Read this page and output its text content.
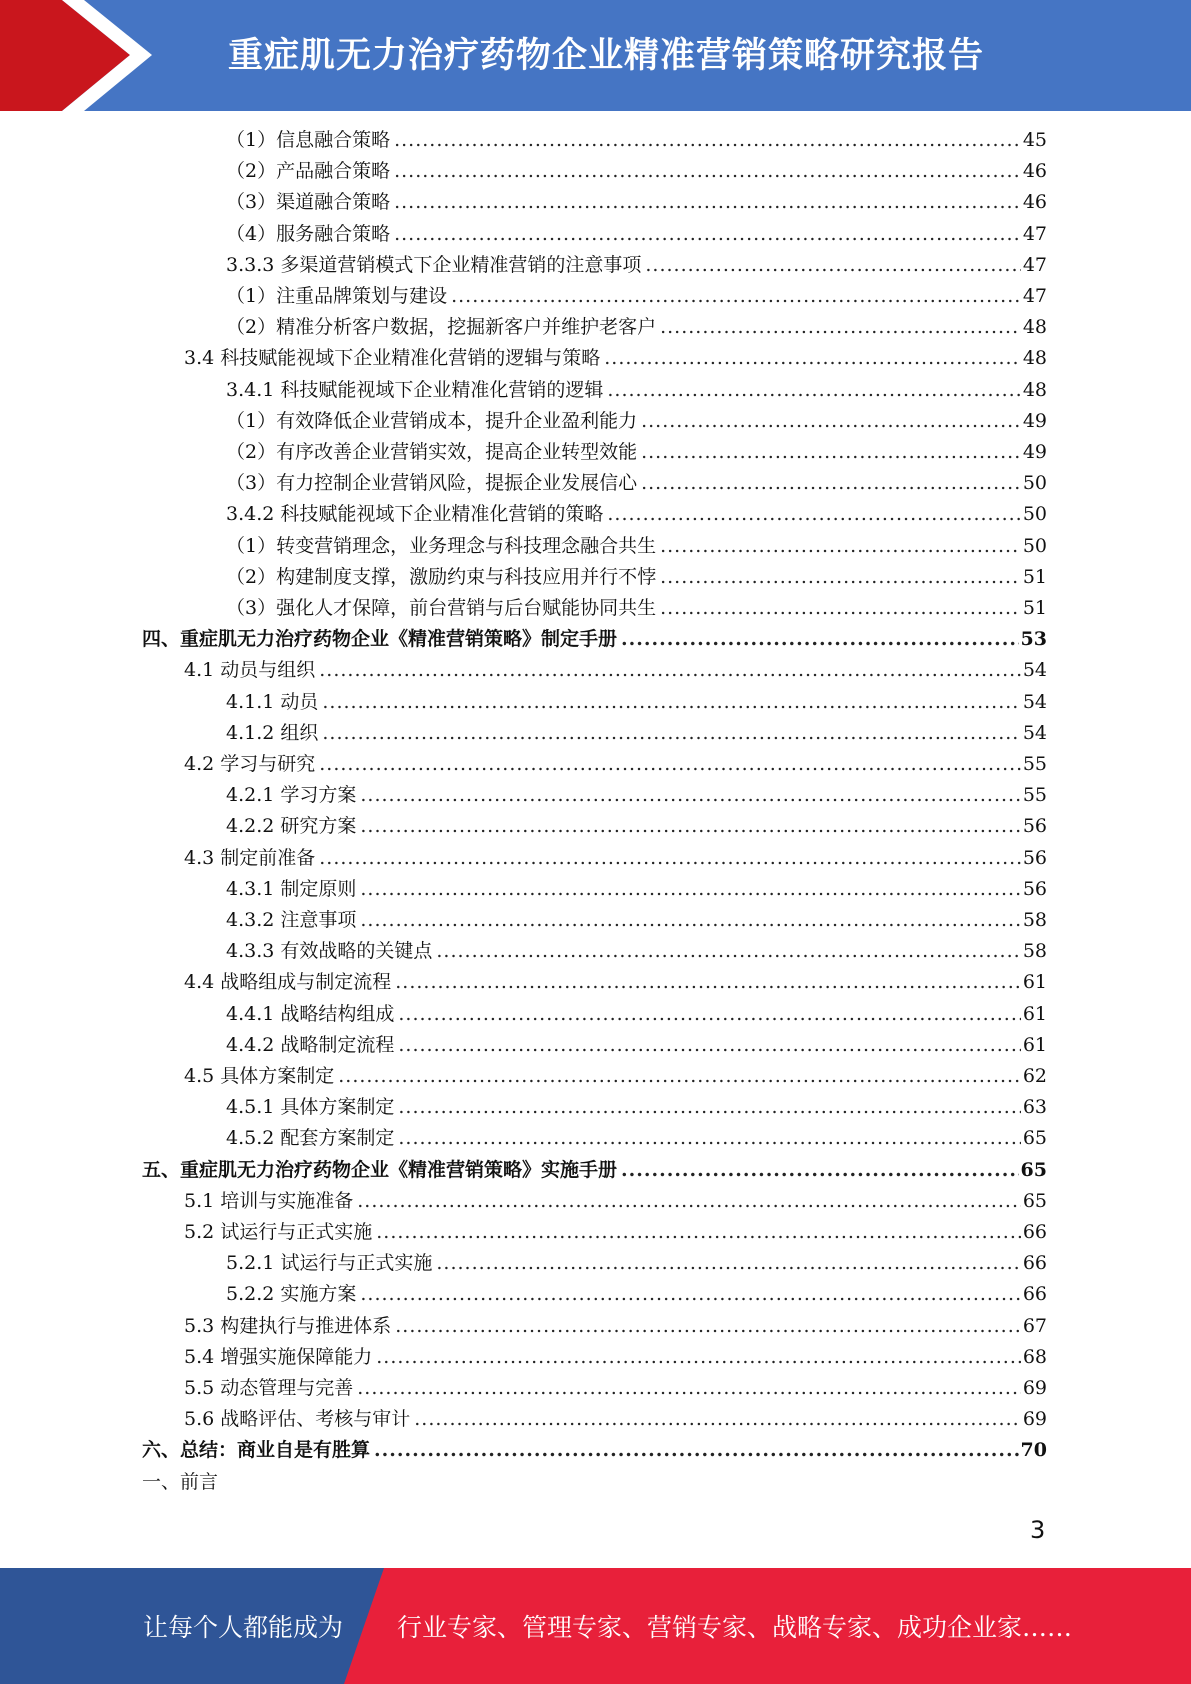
重症肌无力治疗药物企业精准营销策略研究报告
（1）信息融合策略 .....	45
（2）产品融合策略 .....	46
（3）渠道融合策略 .....	46
（4）服务融合策略 .....	47
3.3.3 多渠道营销模式下企业精准营销的注意事项 .....	47
（1）注重品牌策划与建设 .....	47
（2）精准分析客户数据，挖掘新客户并维护老客户 .....	48
3.4 科技赋能视域下企业精准化营销的逻辑与策略 .....	48
3.4.1 科技赋能视域下企业精准化营销的逻辑 .....	48
（1）有效降低企业营销成本，提升企业盈利能力 .....	49
（2）有序改善企业营销实效，提高企业转型效能 .....	49
（3）有力控制企业营销风险，提振企业发展信心 .....	50
3.4.2 科技赋能视域下企业精准化营销的策略 .....	50
（1）转变营销理念，业务理念与科技理念融合共生 .....	50
（2）构建制度支撑，激励约束与科技应用并行不悖 .....	51
（3）强化人才保障，前台营销与后台赋能协同共生 .....	51
四、重症肌无力治疗药物企业《精准营销策略》制定手册 .....	53
4.1 动员与组织 .....	54
4.1.1 动员 .....	54
4.1.2 组织 .....	54
4.2 学习与研究 .....	55
4.2.1 学习方案 .....	55
4.2.2 研究方案 .....	56
4.3 制定前准备 .....	56
4.3.1 制定原则 .....	56
4.3.2 注意事项 .....	58
4.3.3 有效战略的关键点 .....	58
4.4 战略组成与制定流程 .....	61
4.4.1 战略结构组成 .....	61
4.4.2 战略制定流程 .....	61
4.5 具体方案制定 .....	62
4.5.1 具体方案制定 .....	63
4.5.2 配套方案制定 .....	65
五、重症肌无力治疗药物企业《精准营销策略》实施手册 .....	65
5.1 培训与实施准备 .....	65
5.2 试运行与正式实施 .....	66
5.2.1 试运行与正式实施 .....	66
5.2.2 实施方案 .....	66
5.3 构建执行与推进体系 .....	67
5.4 增强实施保障能力 .....	68
5.5 动态管理与完善 .....	69
5.6 战略评估、考核与审计 .....	69
六、总结：商业自是有胜算 .....	70
一、前言
3
让每个人都能成为 行业专家、管理专家、营销专家、战略专家、成功企业家……
